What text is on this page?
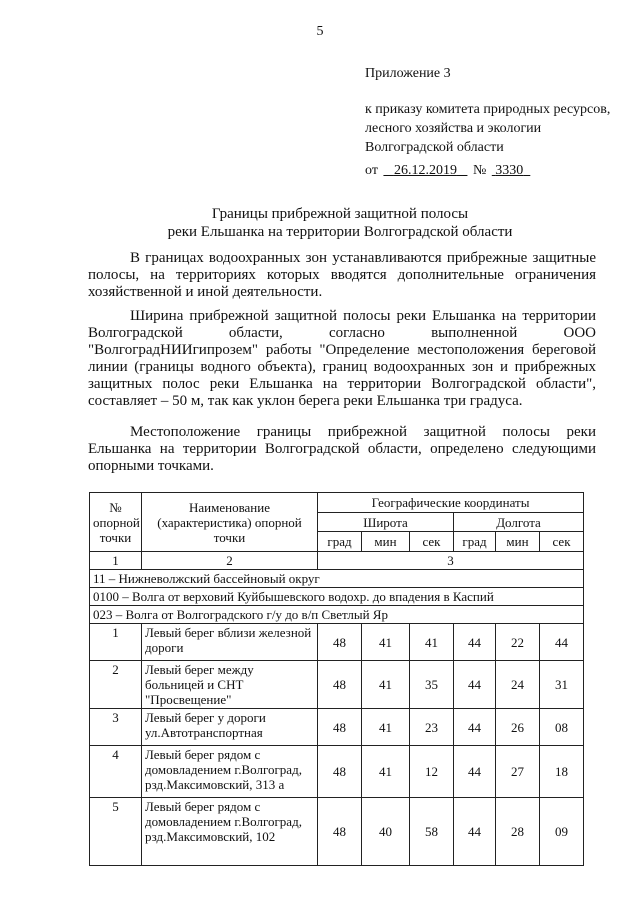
5
Приложение 3
к приказу комитета природных ресурсов, лесного хозяйства и экологии Волгоградской области
от 26.12.2019 № 3330
Границы прибрежной защитной полосы
реки Ельшанка на территории Волгоградской области

В границах водоохранных зон устанавливаются прибрежные защитные полосы, на территориях которых вводятся дополнительные ограничения хозяйственной и иной деятельности.

Ширина прибрежной защитной полосы реки Ельшанка на территории Волгоградской области, согласно выполненной ООО "ВолгоградНИИгипрозем" работы "Определение местоположения береговой линии (границы водного объекта), границ водоохранных зон и прибрежных защитных полос реки Ельшанка на территории Волгоградской области", составляет – 50 м, так как уклон берега реки Ельшанка три градуса.

Местоположение границы прибрежной защитной полосы реки Ельшанка на территории Волгоградской области, определено следующими опорными точками.

№ опорной точки	Наименование (характеристика) опорной точки	Географические координаты					
		Широта			Долгота		
		град	мин	сек	град	мин	сек
1	2	3					
11 – Нижневолжский бассейновый округ							
0100 – Волга от верховий Куйбышевского водохр. до впадения в Каспий							
023 – Волга от Волгоградского г/у до в/п Светлый Яр							
1	Левый берег вблизи железной дороги	48	41	41	44	22	44
2	Левый берег между больницей и СНТ "Просвещение"	48	41	35	44	24	31
3	Левый берег у дороги ул.Автотранспортная	48	41	23	44	26	08
4	Левый берег рядом с домовладением г.Волгоград, рзд.Максимовский, 313 а	48	41	12	44	27	18
5	Левый берег рядом с домовладением г.Волгоград, рзд.Максимовский, 102	48	40	58	44	28	09
